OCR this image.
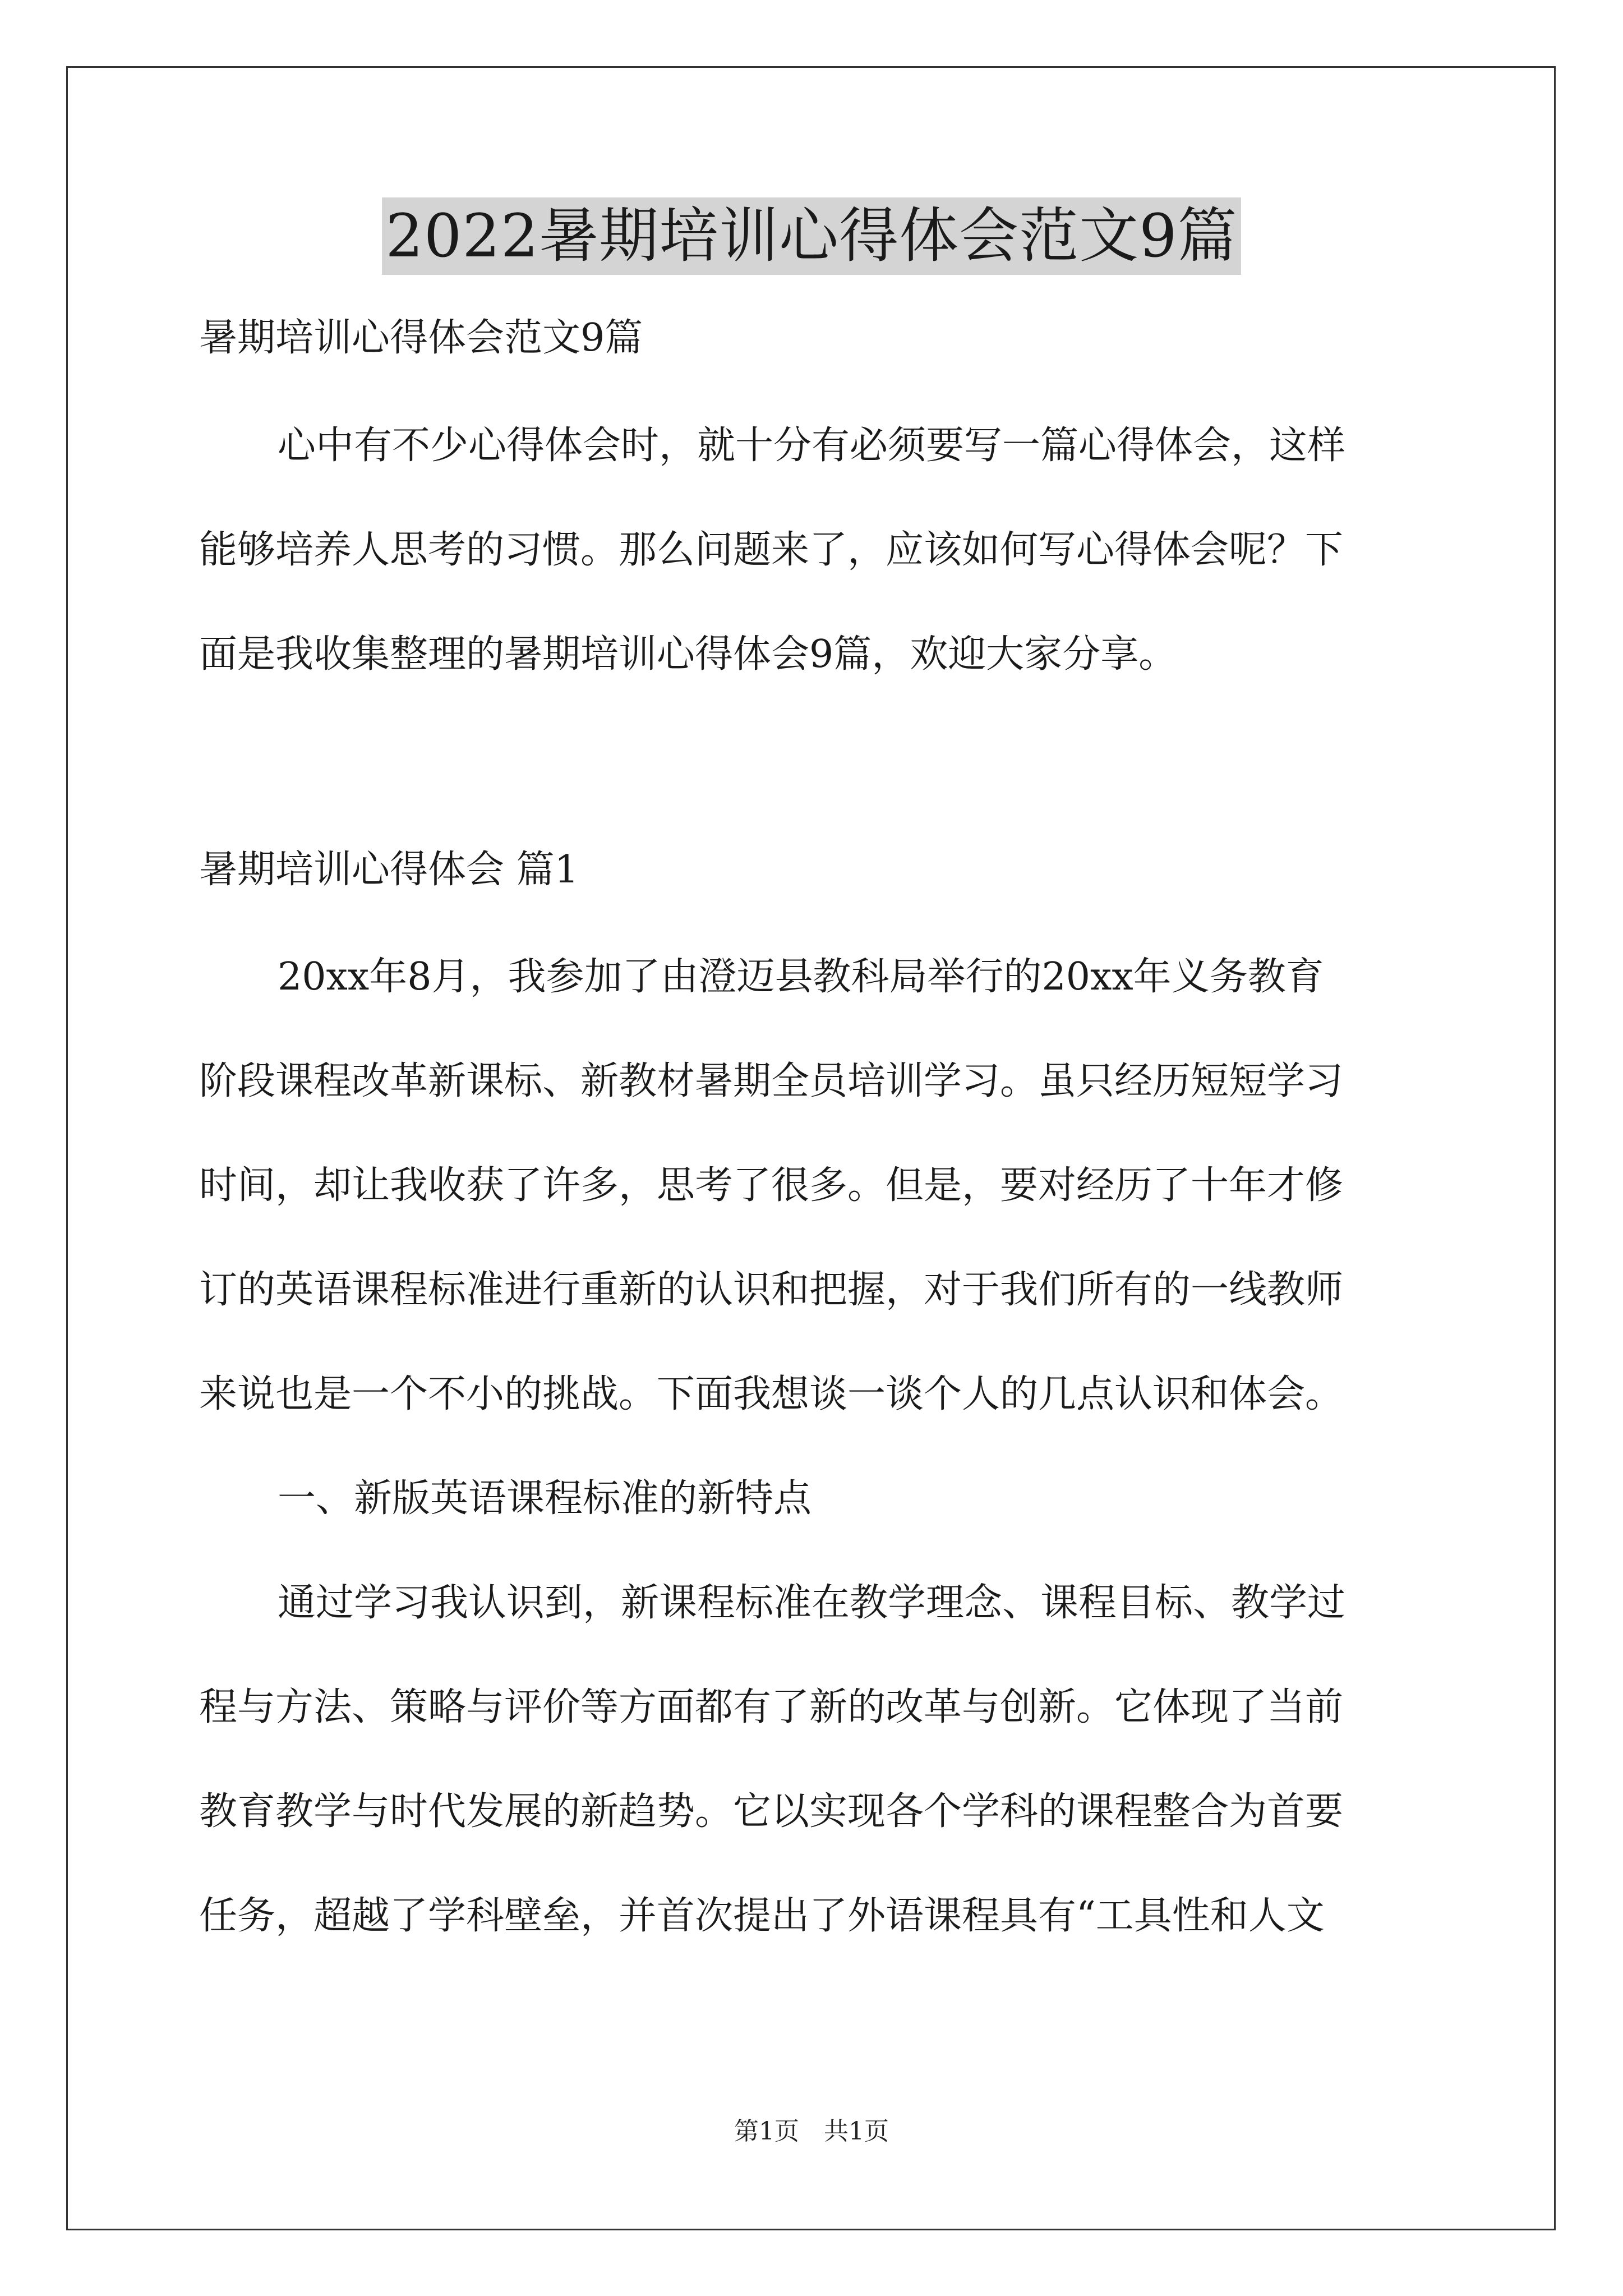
2022暑期培训心得体会范文9篇
暑期培训心得体会范文9篇
心中有不少心得体会时，就十分有必须要写一篇心得体会，这样
能够培养人思考的习惯。那么问题来了，应该如何写心得体会呢？下
面是我收集整理的暑期培训心得体会9篇，欢迎大家分享。
暑期培训心得体会 篇1
20xx年8月，我参加了由澄迈县教科局举行的20xx年义务教育
阶段课程改革新课标、新教材暑期全员培训学习。虽只经历短短学习
时间，却让我收获了许多，思考了很多。但是，要对经历了十年才修
订的英语课程标准进行重新的认识和把握，对于我们所有的一线教师
来说也是一个不小的挑战。下面我想谈一谈个人的几点认识和体会。
一、新版英语课程标准的新特点
通过学习我认识到，新课程标准在教学理念、课程目标、教学过
程与方法、策略与评价等方面都有了新的改革与创新。它体现了当前
教育教学与时代发展的新趋势。它以实现各个学科的课程整合为首要
任务，超越了学科壁垒，并首次提出了外语课程具有“工具性和人文
第1页　共1页
